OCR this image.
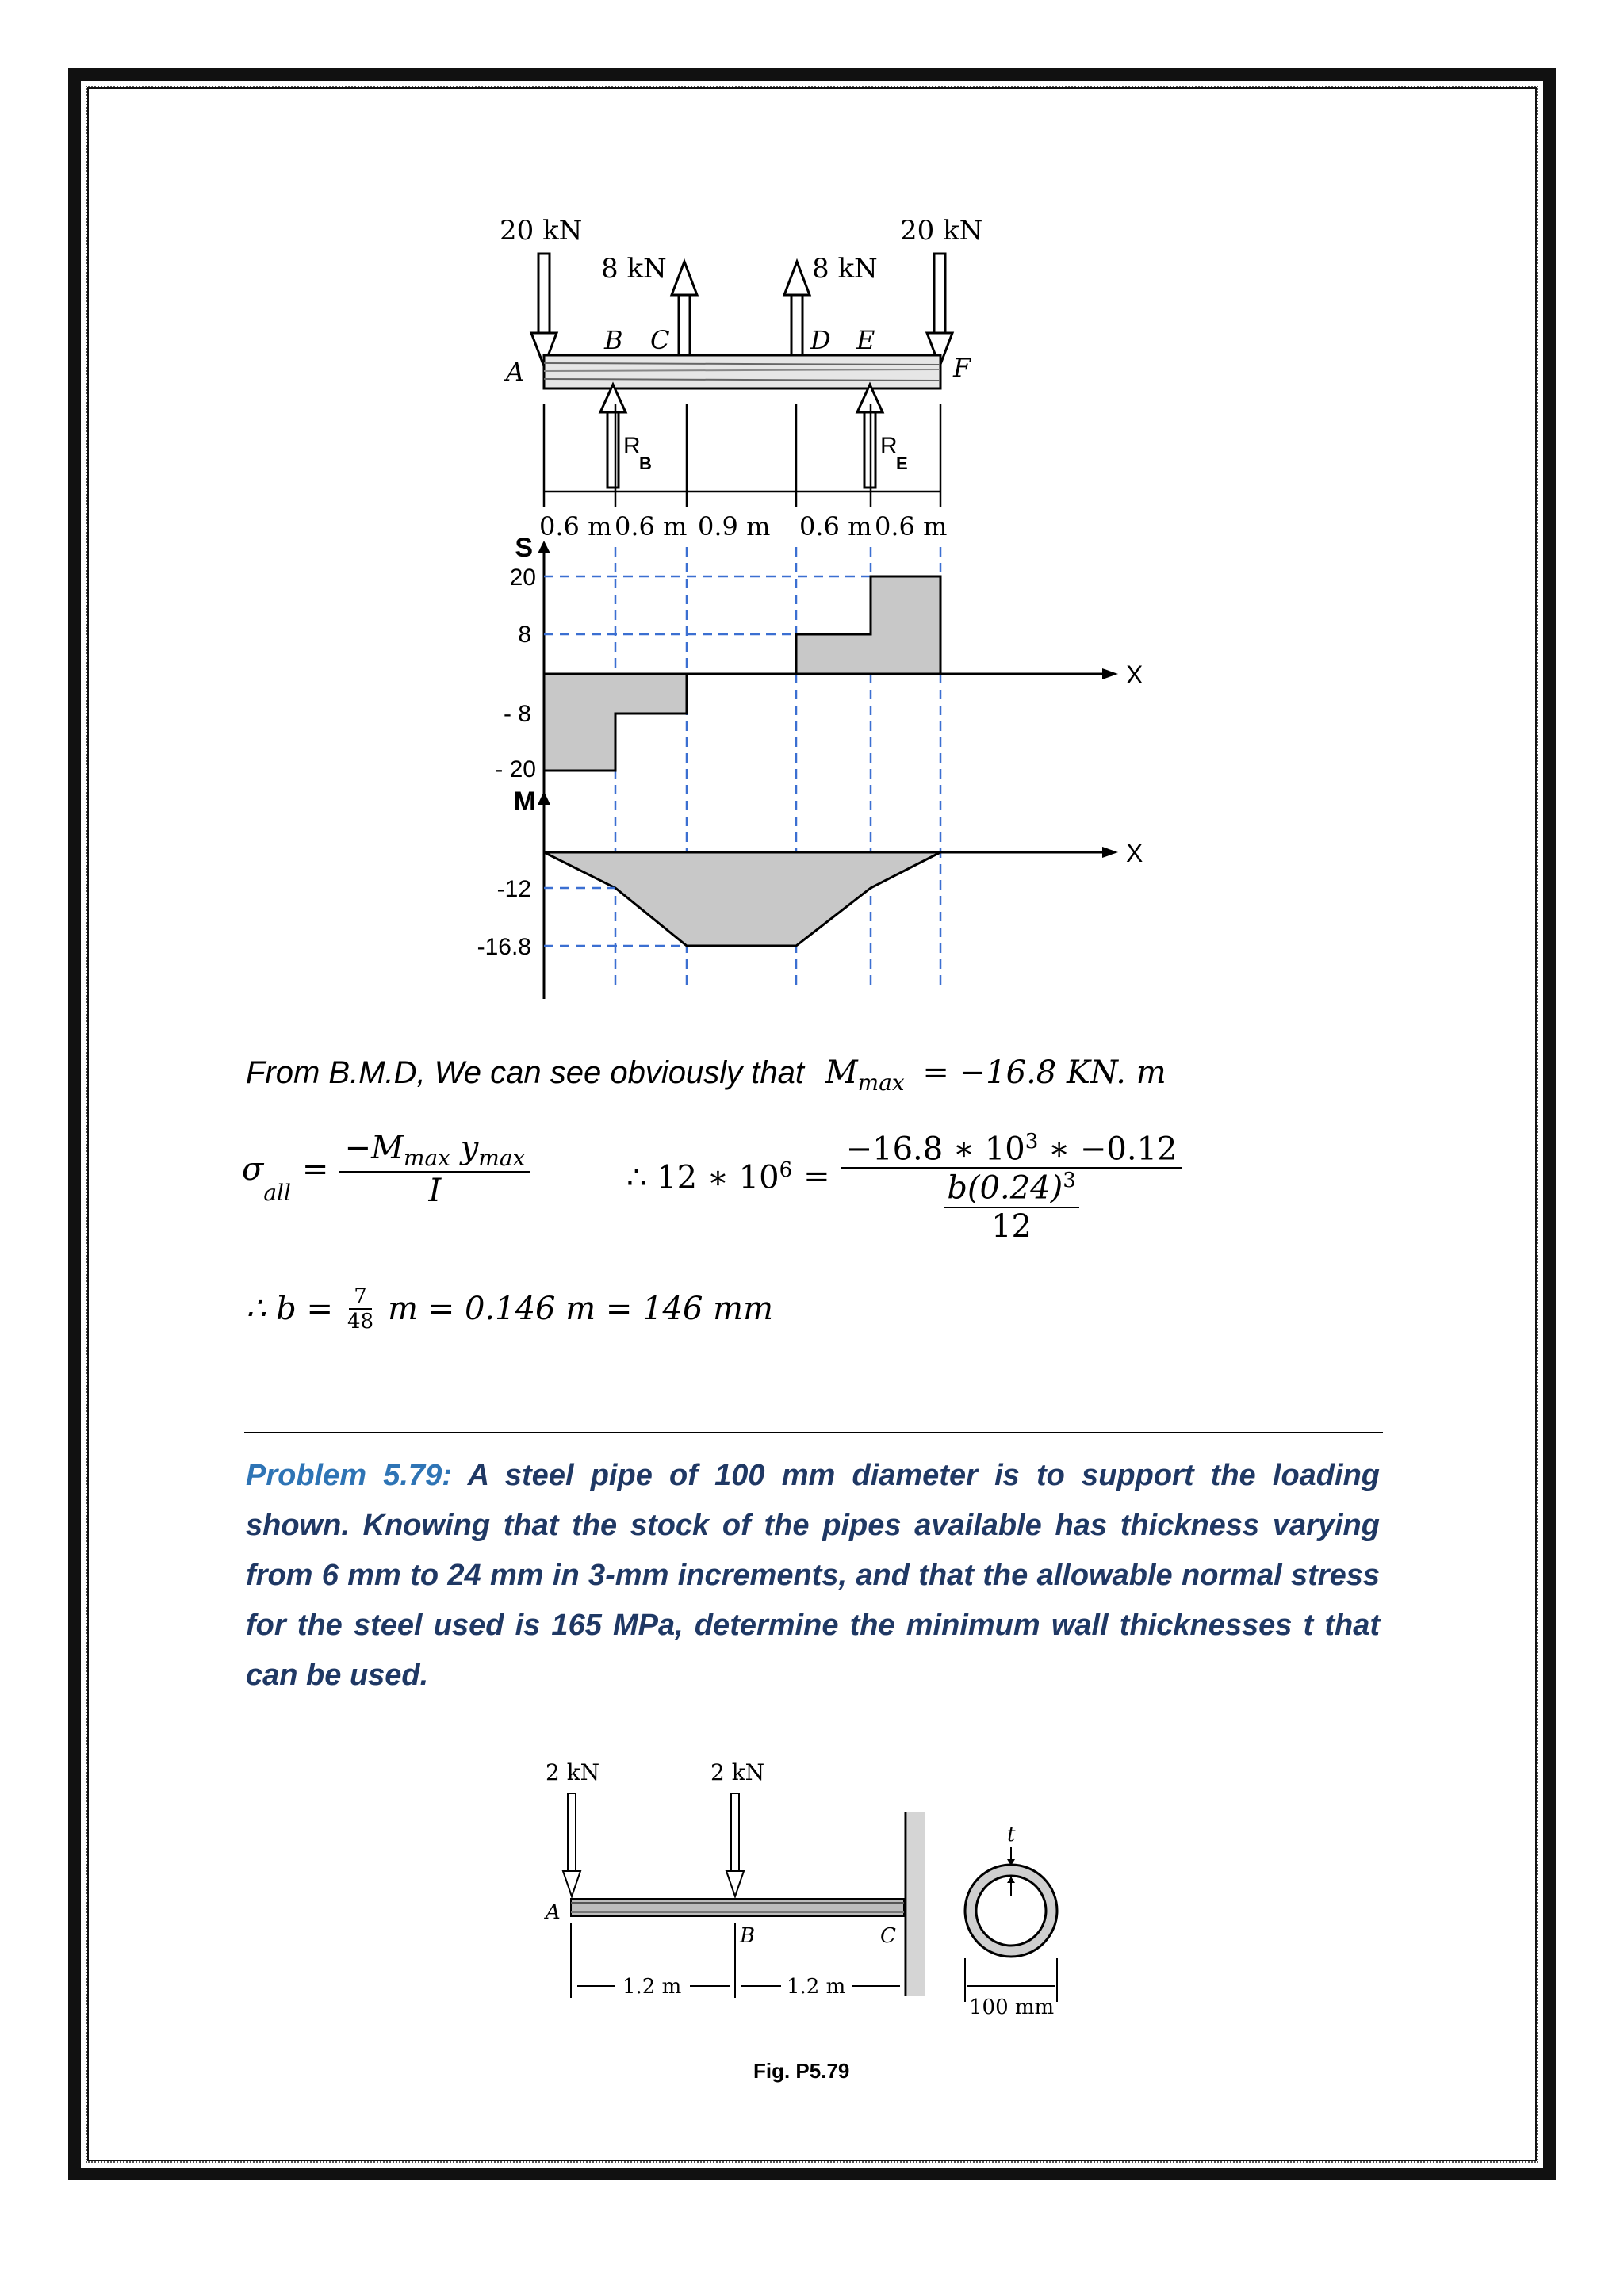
20 kN	20 kN
8 kN	8 kN
A
B C	D E
F
R
B
R
E
0.6 m 0.6 m 0.9 m 0.6 m 0.6 m
S
X
20
8
- 8
- 20
M
X
-12
-16.8
From B.M.D, We can see obviously that $M_{max} = -16.8$ KN. m
σ
$_{all}$
= $\frac{-M_{max} y_{max}}{I}$	∴ 12 ∗ $10^6 = -16.8$ ∗ $10^3$ ∗ −0.12
$b(0.24)^3$
12
∴ $b = \frac{7}{48}$ m = 0.146 m = 146 mm
Problem 5.79: A steel pipe of 100 mm diameter is to support the loading shown. Knowing that the stock of the pipes available has thickness varying from 6 mm to 24 mm in 3-mm increments, and that the allowable normal stress for the steel used is 165 MPa, determine the minimum wall thicknesses t that can be used.
2 kN	2 kN
A
B	C
1.2 m	1.2 m
t
100 mm
Fig. P5.79
